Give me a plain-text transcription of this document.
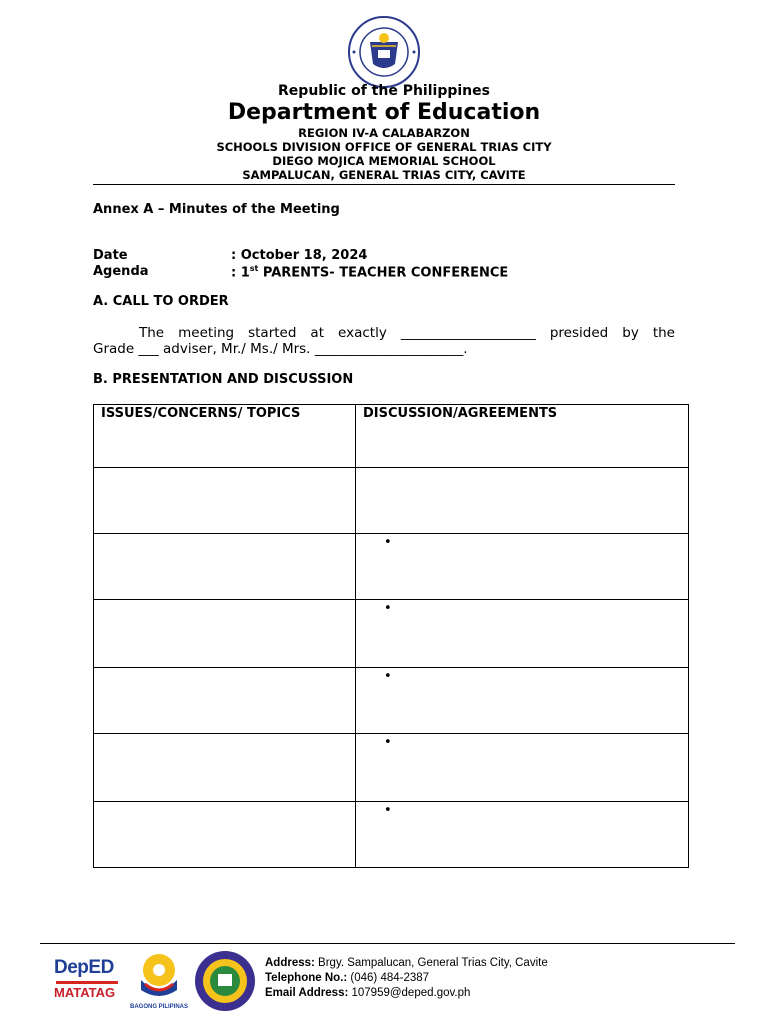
Republic of the Philippines
Department of Education
REGION IV-A CALABARZON
SCHOOLS DIVISION OFFICE OF GENERAL TRIAS CITY
DIEGO MOJICA MEMORIAL SCHOOL
SAMPALUCAN, GENERAL TRIAS CITY, CAVITE
Annex A – Minutes of the Meeting
Date	: October 18, 2024
Agenda	: 1st PARENTS- TEACHER CONFERENCE
A. CALL TO ORDER
The meeting started at exactly ____________________ presided by the
Grade ___ adviser, Mr./ Ms./ Mrs. ______________________.
B. PRESENTATION AND DISCUSSION
ISSUES/CONCERNS/ TOPICS	DISCUSSION/AGREEMENTS

	•

	•

	•

	•

	•
DepED
MATATAG
BAGONG PILIPINAS
Address: Brgy. Sampalucan, General Trias City, Cavite
Telephone No.: (046) 484-2387
Email Address: 107959@deped.gov.ph
